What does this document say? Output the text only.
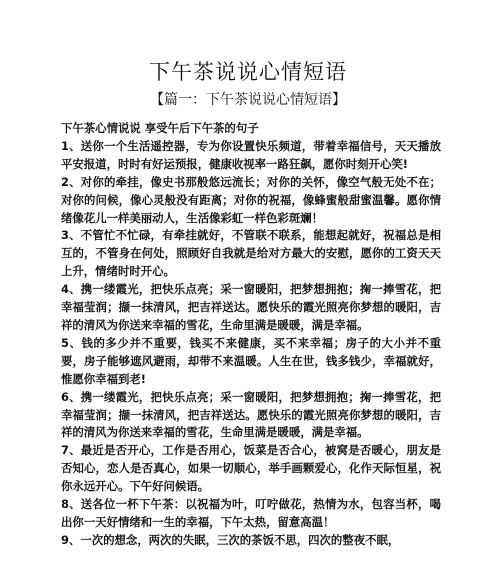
下午茶说说心情短语
【篇一：下午茶说说心情短语】

下午茶心情说说 享受午后下午茶的句子

1、送你一个生活遥控器，专为你设置快乐频道，带着幸福信号，天天播放平安报道，时时有好运预报，健康收视率一路狂飙，愿你时刻开心笑!

2、对你的牵挂，像史书那般悠远流长；对你的关怀，像空气般无处不在；对你的问候，像心灵般没有距离；对你的祝福，像蜂蜜般甜蜜温馨。愿你情绪像花儿一样美丽动人，生活像彩虹一样色彩斑斓！

3、不管忙不忙碌，有牵挂就好，不管联不联系，能想起就好，祝福总是相互的，不管身在何处，照顾好自我就是给对方最大的安慰，愿你的工资天天上升，情绪时时开心。

4、携一缕霞光，把快乐点亮；采一窗暖阳，把梦想拥抱；掬一捧雪花，把幸福莹润；撷一抹清风，把吉祥送达。愿快乐的霞光照亮你梦想的暖阳，吉祥的清风为你送来幸福的雪花，生命里满是暖暖，满是幸福。

5、钱的多少并不重要，钱买不来健康，买不来幸福；房子的大小并不重要，房子能够遮风避雨，却带不来温暖。人生在世，钱多钱少，幸福就好，惟愿你幸福到老!

6、携一缕霞光，把快乐点亮；采一窗暖阳，把梦想拥抱；掬一捧雪花，把幸福莹润；撷一抹清风，把吉祥送达。愿快乐的霞光照亮你梦想的暖阳，吉祥的清风为你送来幸福的雪花，生命里满是暖暖，满是幸福。

7、最近是否开心，工作是否用心，饭菜是否合心，被窝是否暖心，朋友是否知心，恋人是否真心，如果一切顺心，举手画颗爱心，化作天际恒星，祝你永远开心。下午好问候语。

8、送各位一杯下午茶：以祝福为叶，叮咛做花，热情为水，包容当杯，喝出你一天好情绪和一生的幸福，下午太热，留意高温！

9、一次的想念，两次的失眠，三次的茶饭不思，四次的整夜不眠，
